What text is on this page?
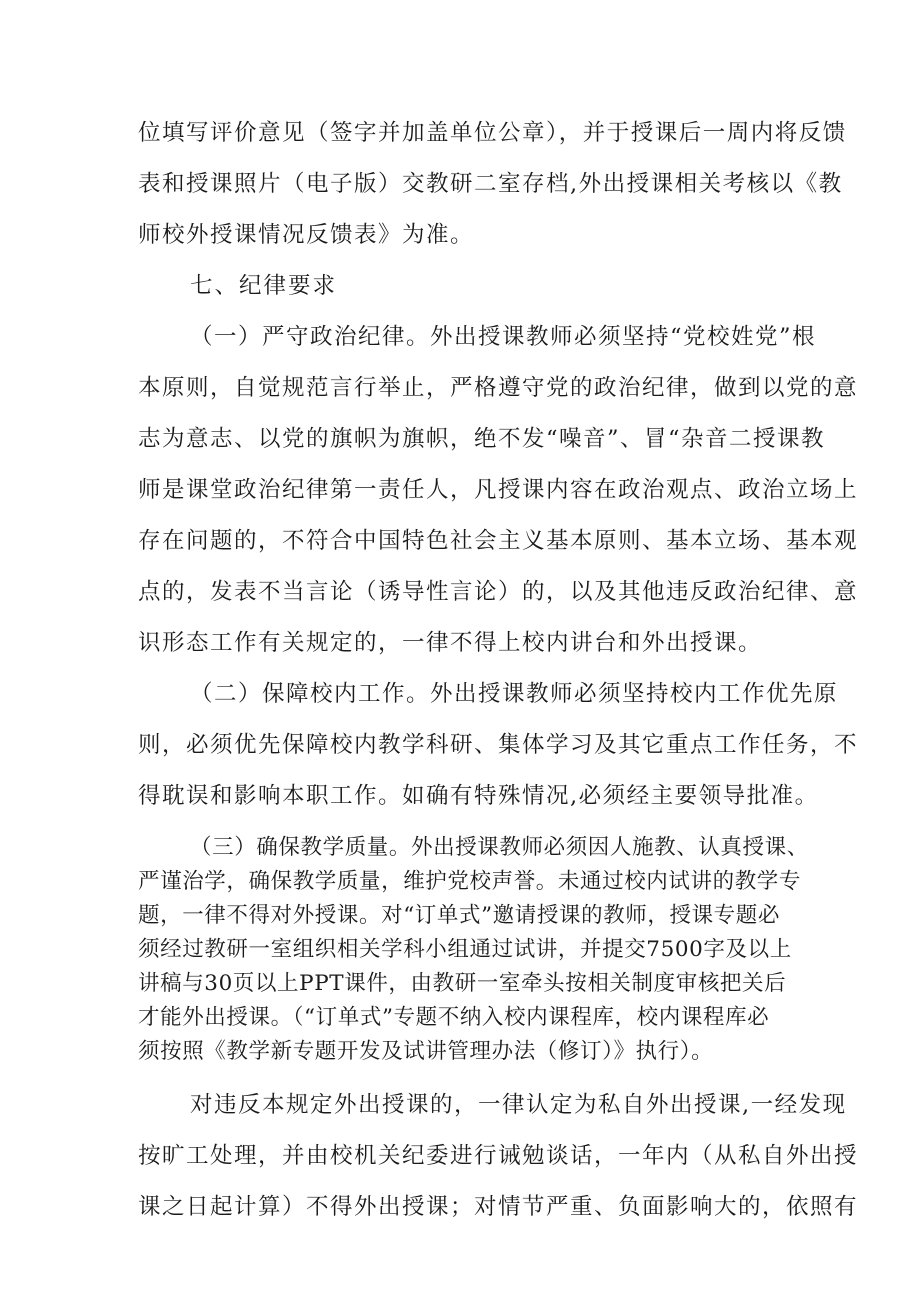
位填写评价意见（签字并加盖单位公章），并于授课后一周内将反馈

表和授课照片（电子版）交教研二室存档,外出授课相关考核以《教

师校外授课情况反馈表》为准。

七、纪律要求

（一）严守政治纪律。外出授课教师必须坚持“党校姓党”根

本原则，自觉规范言行举止，严格遵守党的政治纪律，做到以党的意

志为意志、以党的旗帜为旗帜，绝不发“噪音”、冒“杂音二授课教

师是课堂政治纪律第一责任人，凡授课内容在政治观点、政治立场上

存在问题的，不符合中国特色社会主义基本原则、基本立场、基本观

点的，发表不当言论（诱导性言论）的，以及其他违反政治纪律、意

识形态工作有关规定的，一律不得上校内讲台和外出授课。

（二）保障校内工作。外出授课教师必须坚持校内工作优先原

则，必须优先保障校内教学科研、集体学习及其它重点工作任务，不

得耽误和影响本职工作。如确有特殊情况,必须经主要领导批准。

（三）确保教学质量。外出授课教师必须因人施教、认真授课、

严谨治学，确保教学质量，维护党校声誉。未通过校内试讲的教学专

题，一律不得对外授课。对“订单式”邀请授课的教师，授课专题必

须经过教研一室组织相关学科小组通过试讲，并提交7500字及以上

讲稿与30页以上PPT课件，由教研一室牵头按相关制度审核把关后

才能外出授课。（“订单式”专题不纳入校内课程库，校内课程库必

须按照《教学新专题开发及试讲管理办法（修订）》执行）。

对违反本规定外出授课的，一律认定为私自外出授课,一经发现

按旷工处理，并由校机关纪委进行诫勉谈话，一年内（从私自外出授

课之日起计算）不得外出授课；对情节严重、负面影响大的，依照有
